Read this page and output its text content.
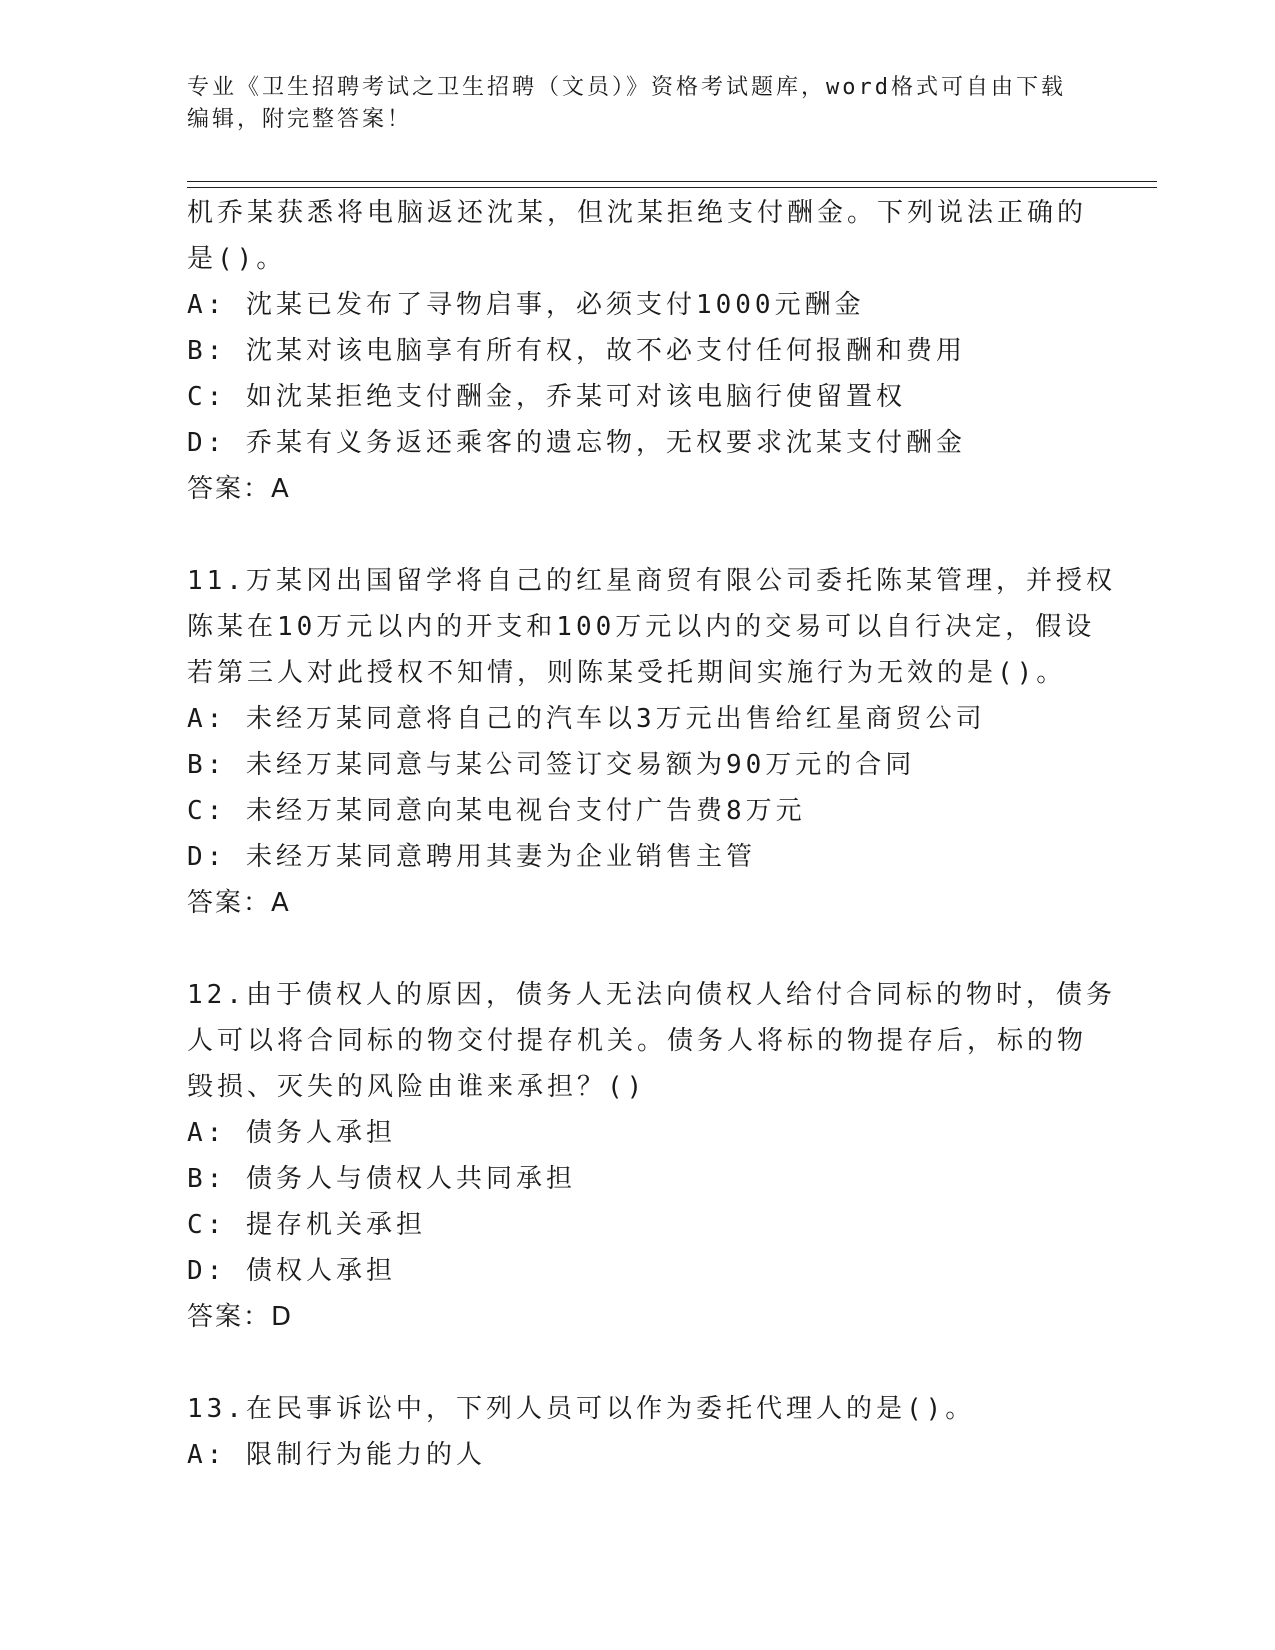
专业《卫生招聘考试之卫生招聘（文员）》资格考试题库，word格式可自由下载
编辑，附完整答案！
机乔某获悉将电脑返还沈某，但沈某拒绝支付酬金。下列说法正确的
是()。
A: 沈某已发布了寻物启事，必须支付1000元酬金
B: 沈某对该电脑享有所有权，故不必支付任何报酬和费用
C: 如沈某拒绝支付酬金，乔某可对该电脑行使留置权
D: 乔某有义务返还乘客的遗忘物，无权要求沈某支付酬金
答案：A
11.万某冈出国留学将自己的红星商贸有限公司委托陈某管理，并授权
陈某在10万元以内的开支和100万元以内的交易可以自行决定，假设
若第三人对此授权不知情，则陈某受托期间实施行为无效的是()。
A: 未经万某同意将自己的汽车以3万元出售给红星商贸公司
B: 未经万某同意与某公司签订交易额为90万元的合同
C: 未经万某同意向某电视台支付广告费8万元
D: 未经万某同意聘用其妻为企业销售主管
答案：A
12.由于债权人的原因，债务人无法向债权人给付合同标的物时，债务
人可以将合同标的物交付提存机关。债务人将标的物提存后，标的物
毁损、灭失的风险由谁来承担？()
A: 债务人承担
B: 债务人与债权人共同承担
C: 提存机关承担
D: 债权人承担
答案：D
13.在民事诉讼中，下列人员可以作为委托代理人的是()。
A: 限制行为能力的人
